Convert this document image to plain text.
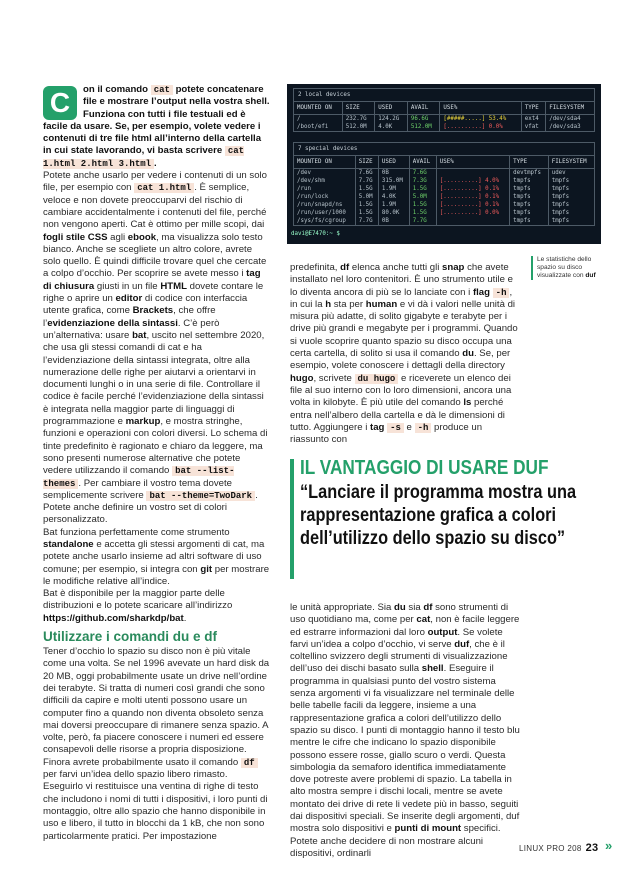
C	on il comando cat potete concatenare file e mostrare l’output nella vostra shell. Funziona con tutti i file testuali ed è facile da usare. Se, per esempio, volete vedere i contenuti di tre file html all’interno della cartella in cui state lavorando, vi basta scrivere cat 1.html 2.html 3.html .

Potete anche usarlo per vedere i contenuti di un solo file, per esempio con cat 1.html . È semplice, veloce e non dovete preoccuparvi del rischio di cambiare accidentalmente i contenuti del file, perché non vengono aperti. Cat è ottimo per mille scopi, dai fogli stile CSS agli ebook, ma visualizza solo testo bianco. Anche se scegliete un altro colore, avrete solo quello. È quindi difficile trovare quel che cercate a colpo d’occhio. Per scoprire se avete messo i tag di chiusura giusti in un file HTML dovete contare le righe o aprire un editor di codice con interfaccia utente grafica, come Brackets, che offre l’evidenziazione della sintassi. C’è però un’alternativa: usare bat, uscito nel settembre 2020, che usa gli stessi comandi di cat e ha l’evidenziazione della sintassi integrata, oltre alla numerazione delle righe per aiutarvi a orientarvi in documenti lunghi o in una serie di file. Controllare il codice è facile perché l’evidenziazione della sintassi è integrata nella maggior parte di linguaggi di programmazione e markup, e mostra stringhe, funzioni e operazioni con colori diversi. Lo schema di tinte predefinito è ragionato e chiaro da leggere, ma sono presenti numerose alternative che potete vedere utilizzando il comando bat --list-themes . Per cambiare il vostro tema dovete semplicemente scrivere bat --theme=TwoDark . Potete anche definire un vostro set di colori personalizzato.

Bat funziona perfettamente come strumento standalone e accetta gli stessi argomenti di cat, ma potete anche usarlo insieme ad altri software di uso comune; per esempio, si integra con git per mostrare le modifiche relative all’indice.

Bat è disponibile per la maggior parte delle distribuzioni e lo potete scaricare all’indirizzo https://github.com/sharkdp/bat.

Utilizzare i comandi du e df

Tener d’occhio lo spazio su disco non è più vitale come una volta. Se nel 1996 avevate un hard disk da 20 MB, oggi probabilmente usate un drive nell’ordine dei terabyte. Si tratta di numeri così grandi che sono difficili da capire e molti utenti possono usare un computer fino a quando non diventa obsoleto senza mai doversi preoccupare di rimanere senza spazio. A volte, però, fa piacere conoscere i numeri ed essere consapevoli delle risorse a propria disposizione. Finora avrete probabilmente usato il comando df per farvi un’idea dello spazio libero rimasto. Eseguirlo vi restituisce una ventina di righe di testo che includono i nomi di tutti i dispositivi, i loro punti di montaggio, oltre allo spazio che hanno disponibile in uso e libero, il tutto in blocchi da 1 kB, che non sono particolarmente pratici. Per impostazione

2 local devices
MOUNTED ON	SIZE	USED	AVAIL	USE%	TYPE	FILESYSTEM
/	232.7G	124.2G	96.6G	[#####.....] 53.4%	ext4	/dev/sda4
/boot/efi	512.0M	4.0K	512.0M	[..........] 0.0%	vfat	/dev/sda3
7 special devices
MOUNTED ON	SIZE	USED	AVAIL	USE%	TYPE	FILESYSTEM
/dev	7.6G	0B	7.6G		devtmpfs	udev
/dev/shm	7.7G	315.0M	7.3G	[..........] 4.0%	tmpfs	tmpfs
/run	1.5G	1.9M	1.5G	[..........] 0.1%	tmpfs	tmpfs
/run/lock	5.0M	4.0K	5.0M	[..........] 0.1%	tmpfs	tmpfs
/run/snapd/ns	1.5G	1.9M	1.5G	[..........] 0.1%	tmpfs	tmpfs
/run/user/1000	1.5G	80.0K	1.5G	[..........] 0.0%	tmpfs	tmpfs
/sys/fs/cgroup	7.7G	0B	7.7G		tmpfs	tmpfs
davi@E7470:~ $
Le statistiche dello spazio su disco visualizzate con duf

predefinita, df elenca anche tutti gli snap che avete installato nel loro contenitori. È uno strumento utile e lo diventa ancora di più se lo lanciate con i flag -h , in cui la h sta per human e vi dà i valori nelle unità di misura più adatte, di solito gigabyte e terabyte per i drive più grandi e megabyte per i programmi. Quando si vuole scoprire quanto spazio su disco occupa una certa cartella, di solito si usa il comando du. Se, per esempio, volete conoscere i dettagli della directory hugo, scrivete du hugo e riceverete un elenco dei file al suo interno con lo loro dimensioni, ancora una volta in kilobyte. È più utile del comando ls perché entra nell’albero della cartella e dà le dimensioni di tutto. Aggiungere i tag -s e -h produce un riassunto con

IL VANTAGGIO DI USARE DUF
“Lanciare il programma mostra una rappresentazione grafica a colori dell’utilizzo dello spazio su disco”

le unità appropriate. Sia du sia df sono strumenti di uso quotidiano ma, come per cat, non è facile leggere ed estrarre informazioni dal loro output. Se volete farvi un’idea a colpo d’occhio, vi serve duf, che è il coltellino svizzero degli strumenti di visualizzazione dell’uso dei dischi basato sulla shell. Eseguire il programma in qualsiasi punto del vostro sistema senza argomenti vi fa visualizzare nel terminale delle belle tabelle facili da leggere, insieme a una rappresentazione grafica a colori dell’utilizzo dello spazio su disco. I punti di montaggio hanno il testo blu mentre le cifre che indicano lo spazio disponibile possono essere rosse, giallo scuro o verdi. Questa simbologia da semaforo identifica immediatamente dove potreste avere problemi di spazio. La tabella in alto mostra sempre i dischi locali, mentre se avete montato dei drive di rete li vedete più in basso, seguiti dai dispositivi speciali. Se inserite degli argomenti, duf mostra solo dispositivi e punti di mount specifici. Potete anche decidere di non mostrare alcuni dispositivi, ordinarli	LINUX PRO 208 23 »
